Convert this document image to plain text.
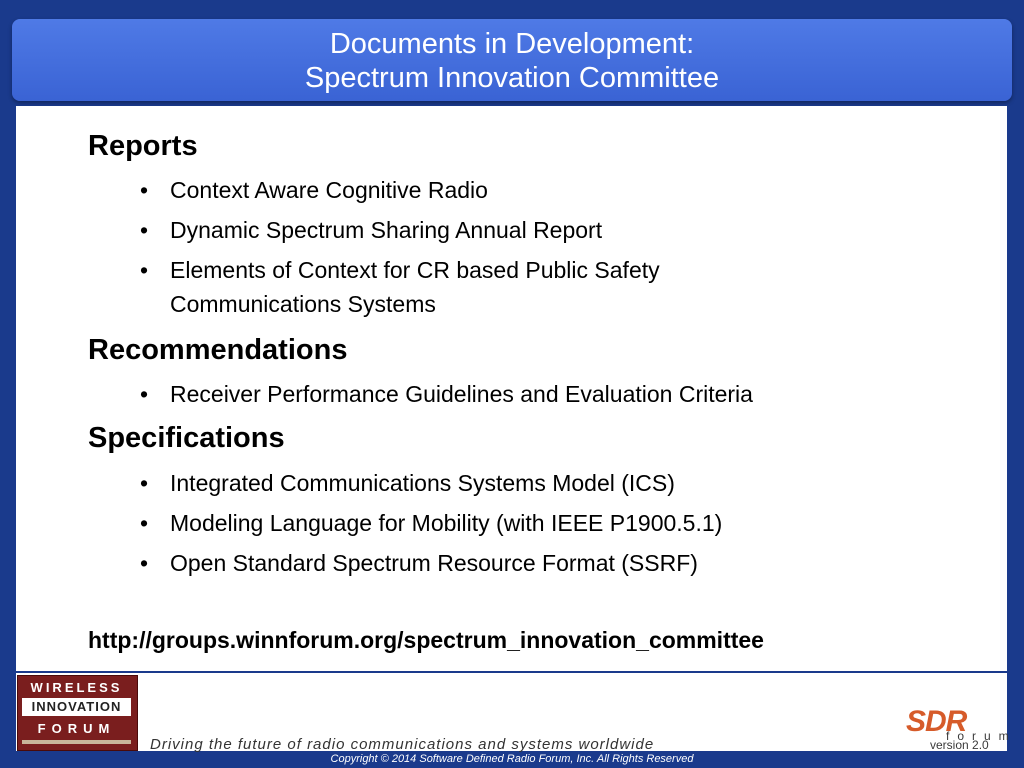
Documents in Development:
Spectrum Innovation Committee
Reports
• Context Aware Cognitive Radio
• Dynamic Spectrum Sharing Annual Report
• Elements of Context for CR based Public Safety
Communications Systems
Recommendations
• Receiver Performance Guidelines and Evaluation Criteria
Specifications
• Integrated Communications Systems Model (ICS)
• Modeling Language for Mobility (with IEEE P1900.5.1)
• Open Standard Spectrum Resource Format (SSRF)
http://groups.winnforum.org/spectrum_innovation_committee
WIRELESS
INNOVATION
FORUM
Driving the future of radio communications and systems worldwide
SDR
forum
version 2.0
Copyright © 2014 Software Defined Radio Forum, Inc. All Rights Reserved
